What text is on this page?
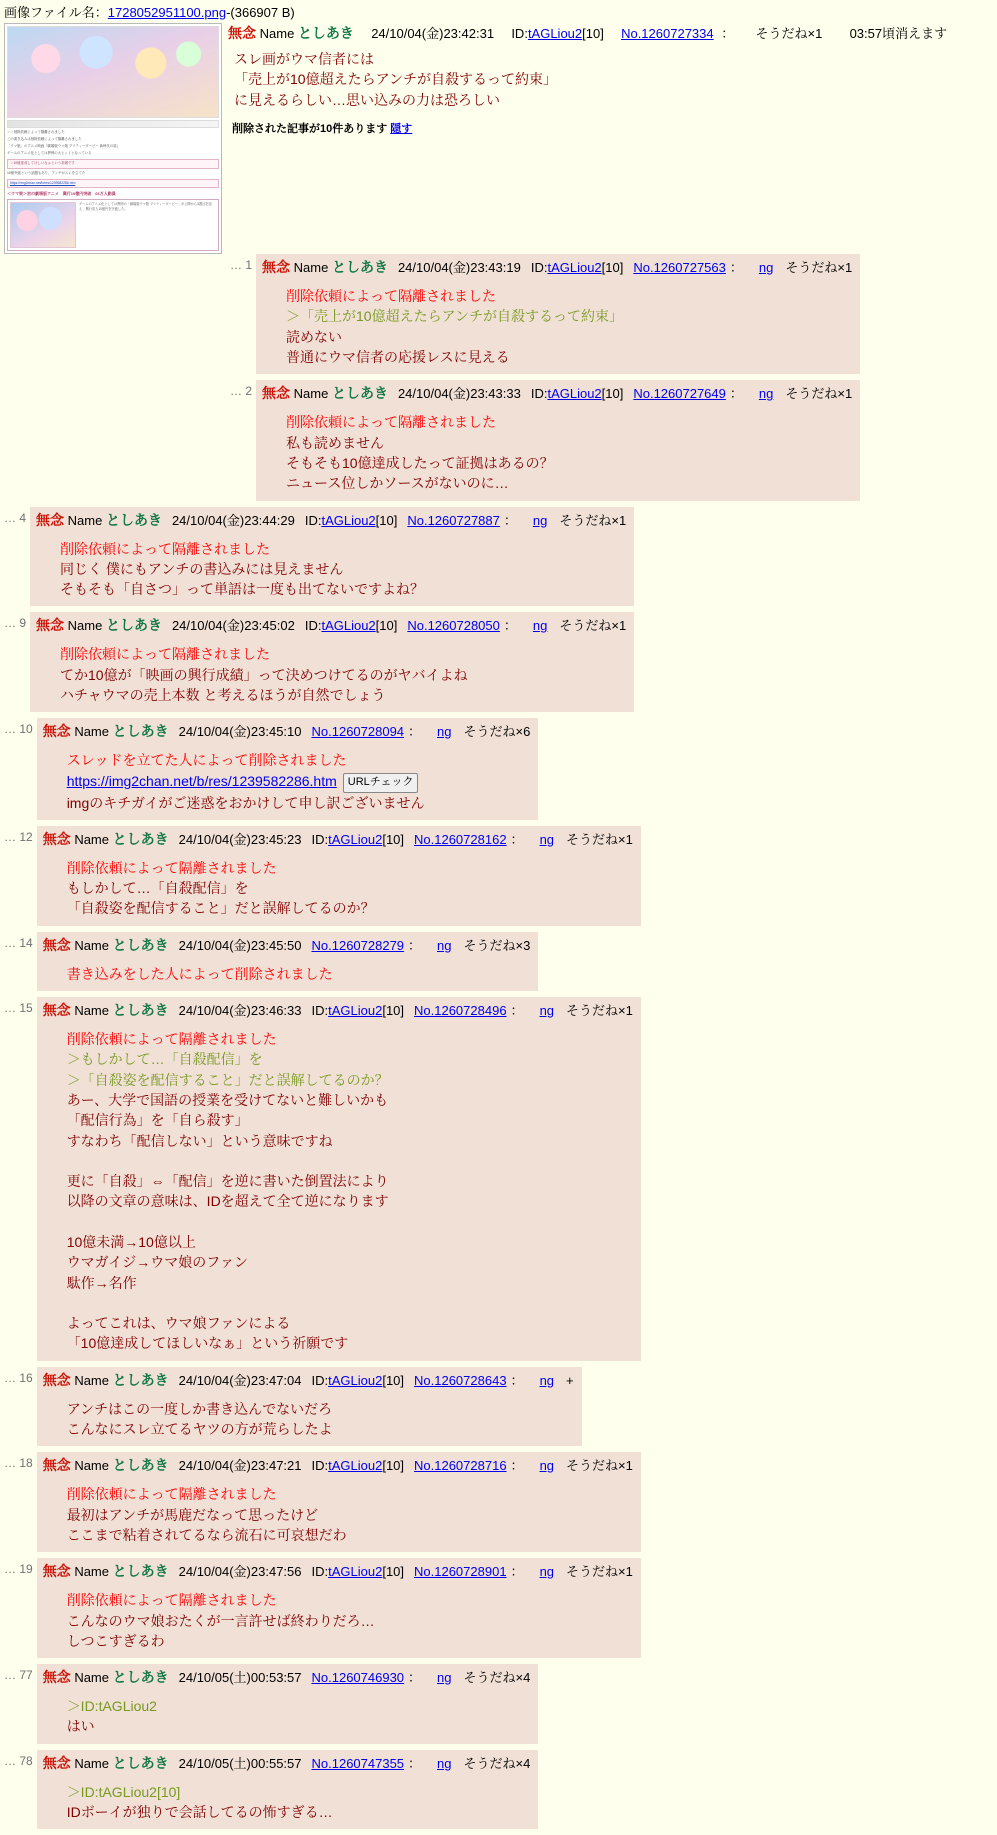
画像ファイル名：1728052951100.png-(366907 B)
＞＞削除依頼によって隔離されました
この書き込みは削除依頼によって隔離されました
「ウマ娘」のアニメ映画『劇場版ウマ娘 プリティーダービー 新時代の扉』
ゲームのアニメ化としては異例の大ヒットとなっている
＞10億達成してほしいなぁという祈願です
10億突破という話題もあり、アンチがスレを立てた
https://img2chan.net/b/res/1239582286.htm
＜ウマ娘＞初の劇場版アニメ　興行10億円突破　66万人動員
ゲームのアニメ化としては異例の「劇場版ウマ娘 プリティーダービー」が公開から3週目を迎え、興行収入10億円を突破した。
無念 Name としあき 24/10/04(金)23:42:31 ID:tAGLiou2[10] No.1260727334 ： そうだね×1 03:57頃消えます
スレ画がウマ信者には
「売上が10億超えたらアンチが自殺するって約束」
に見えるらしい…思い込みの力は恐ろしい
削除された記事が10件あります 隠す
… 1 無念 Name としあき 24/10/04(金)23:43:19 ID:tAGLiou2[10] No.1260727563 ： ng そうだね×1
削除依頼によって隔離されました
＞「売上が10億超えたらアンチが自殺するって約束」
読めない
普通にウマ信者の応援レスに見える
… 2 無念 Name としあき 24/10/04(金)23:43:33 ID:tAGLiou2[10] No.1260727649 ： ng そうだね×1
削除依頼によって隔離されました
私も読めません
そもそも10億達成したって証拠はあるの？
ニュース位しかソースがないのに…
… 4 無念 Name としあき 24/10/04(金)23:44:29 ID:tAGLiou2[10] No.1260727887 ： ng そうだね×1
削除依頼によって隔離されました
同じく 僕にもアンチの書込みには見えません
そもそも「自さつ」って単語は一度も出てないですよね？
… 9 無念 Name としあき 24/10/04(金)23:45:02 ID:tAGLiou2[10] No.1260728050 ： ng そうだね×1
削除依頼によって隔離されました
てか10億が「映画の興行成績」って決めつけてるのがヤバイよね
ハチャウマの売上本数 と考えるほうが自然でしょう
… 10 無念 Name としあき 24/10/04(金)23:45:10 No.1260728094 ： ng そうだね×6
スレッドを立てた人によって削除されました
https://img2chan.net/b/res/1239582286.htm URLチェック
imgのキチガイがご迷惑をおかけして申し訳ございません
… 12 無念 Name としあき 24/10/04(金)23:45:23 ID:tAGLiou2[10] No.1260728162 ： ng そうだね×1
削除依頼によって隔離されました
もしかして…「自殺配信」を
「自殺姿を配信すること」だと誤解してるのか？
… 14 無念 Name としあき 24/10/04(金)23:45:50 No.1260728279 ： ng そうだね×3
書き込みをした人によって削除されました
… 15 無念 Name としあき 24/10/04(金)23:46:33 ID:tAGLiou2[10] No.1260728496 ： ng そうだね×1
削除依頼によって隔離されました
＞もしかして…「自殺配信」を
＞「自殺姿を配信すること」だと誤解してるのか？
あー、大学で国語の授業を受けてないと難しいかも
「配信行為」を「自ら殺す」
すなわち「配信しない」という意味ですね

更に「自殺」⇔「配信」を逆に書いた倒置法により
以降の文章の意味は、IDを超えて全て逆になります

10億未満→10億以上
ウマガイジ→ウマ娘のファン
駄作→名作

よってこれは、ウマ娘ファンによる
「10億達成してほしいなぁ」という祈願です
… 16 無念 Name としあき 24/10/04(金)23:47:04 ID:tAGLiou2[10] No.1260728643 ： ng +
アンチはこの一度しか書き込んでないだろ
こんなにスレ立てるヤツの方が荒らしたよ
… 18 無念 Name としあき 24/10/04(金)23:47:21 ID:tAGLiou2[10] No.1260728716 ： ng そうだね×1
削除依頼によって隔離されました
最初はアンチが馬鹿だなって思ったけど
ここまで粘着されてるなら流石に可哀想だわ
… 19 無念 Name としあき 24/10/04(金)23:47:56 ID:tAGLiou2[10] No.1260728901 ： ng そうだね×1
削除依頼によって隔離されました
こんなのウマ娘おたくが一言許せば終わりだろ…
しつこすぎるわ
… 77 無念 Name としあき 24/10/05(土)00:53:57 No.1260746930 ： ng そうだね×4
＞ID:tAGLiou2
はい
… 78 無念 Name としあき 24/10/05(土)00:55:57 No.1260747355 ： ng そうだね×4
＞ID:tAGLiou2[10]
IDボーイが独りで会話してるの怖すぎる…
